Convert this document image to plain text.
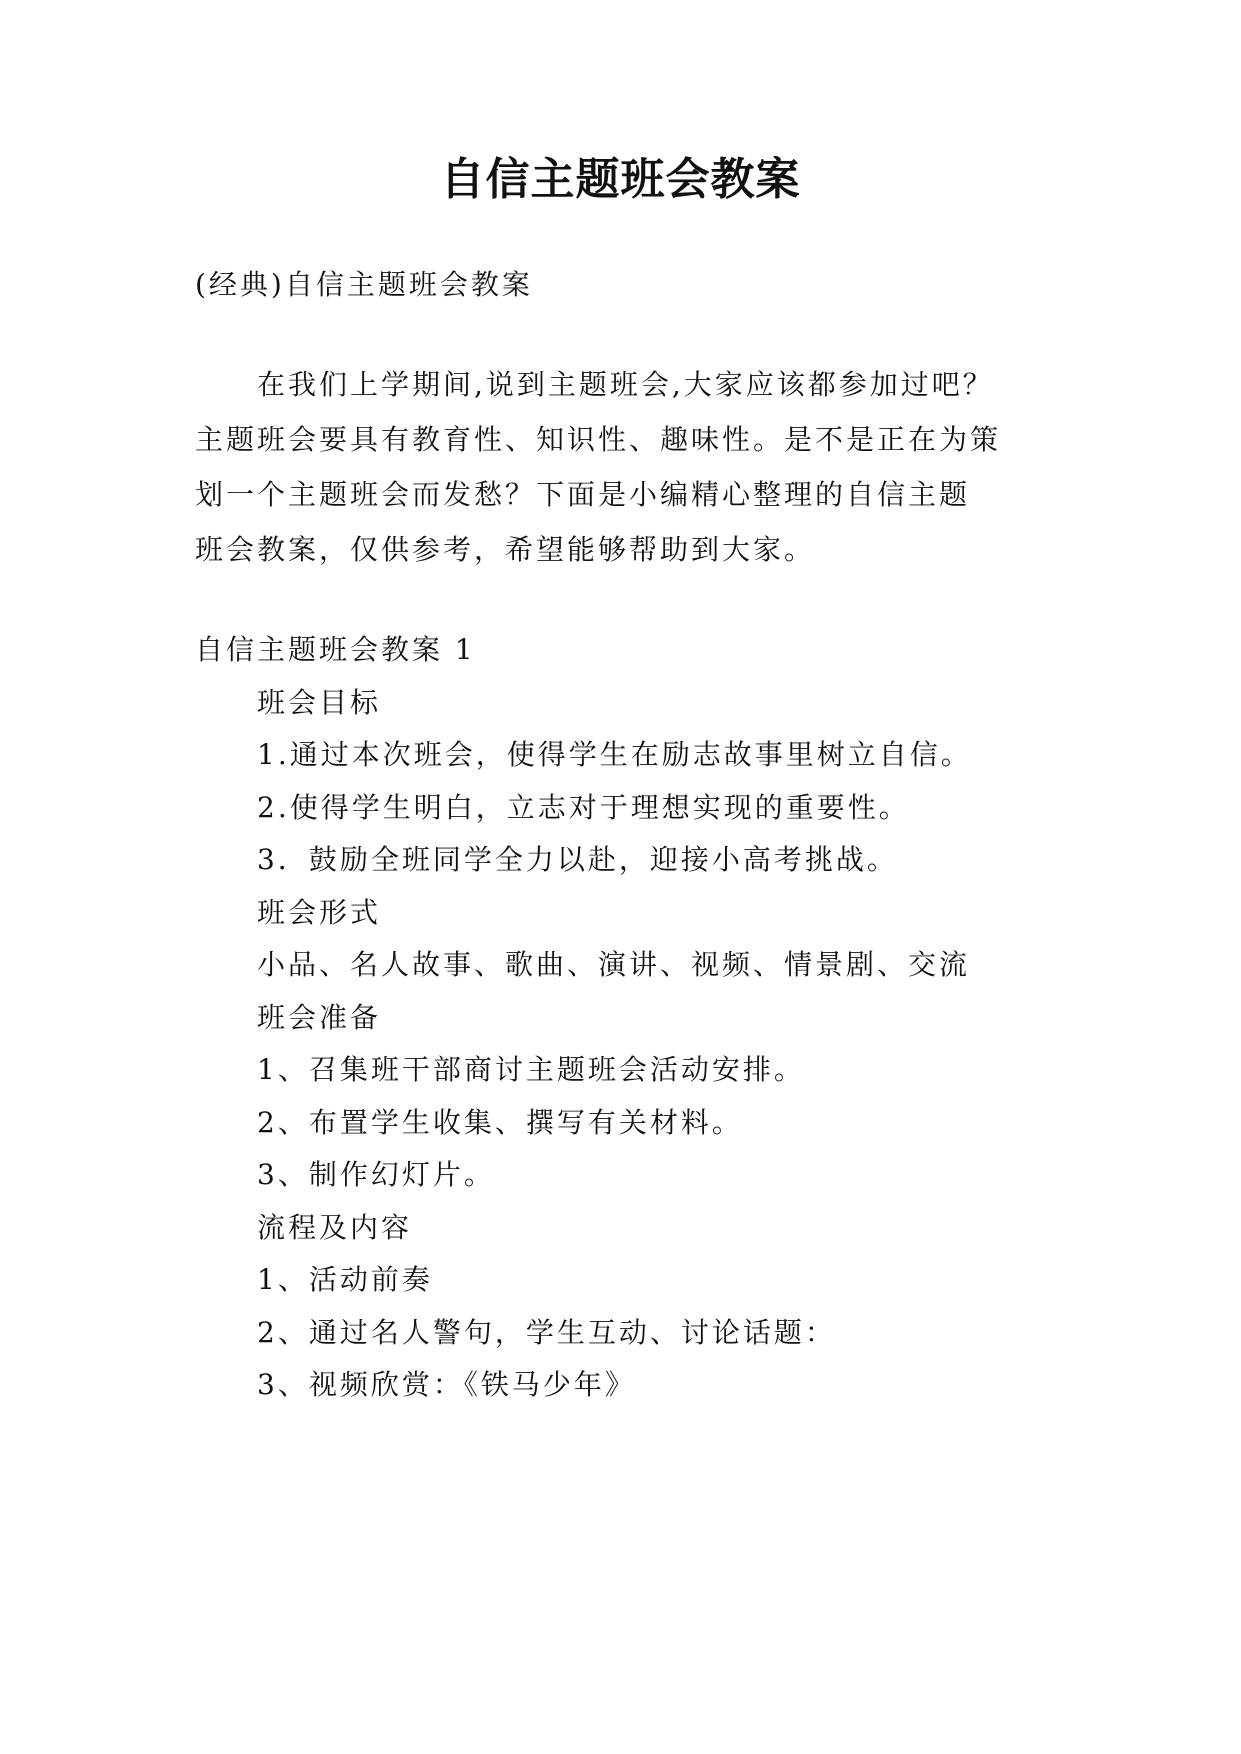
自信主题班会教案
(经典)自信主题班会教案
在我们上学期间,说到主题班会,大家应该都参加过吧？
主题班会要具有教育性、知识性、趣味性。是不是正在为策
划一个主题班会而发愁？下面是小编精心整理的自信主题
班会教案，仅供参考，希望能够帮助到大家。
自信主题班会教案 1
班会目标
1.通过本次班会，使得学生在励志故事里树立自信。
2.使得学生明白，立志对于理想实现的重要性。
3．鼓励全班同学全力以赴，迎接小高考挑战。
班会形式
小品、名人故事、歌曲、演讲、视频、情景剧、交流
班会准备
1、召集班干部商讨主题班会活动安排。
2、布置学生收集、撰写有关材料。
3、制作幻灯片。
流程及内容
1、活动前奏
2、通过名人警句，学生互动、讨论话题：
3、视频欣赏：《铁马少年》
